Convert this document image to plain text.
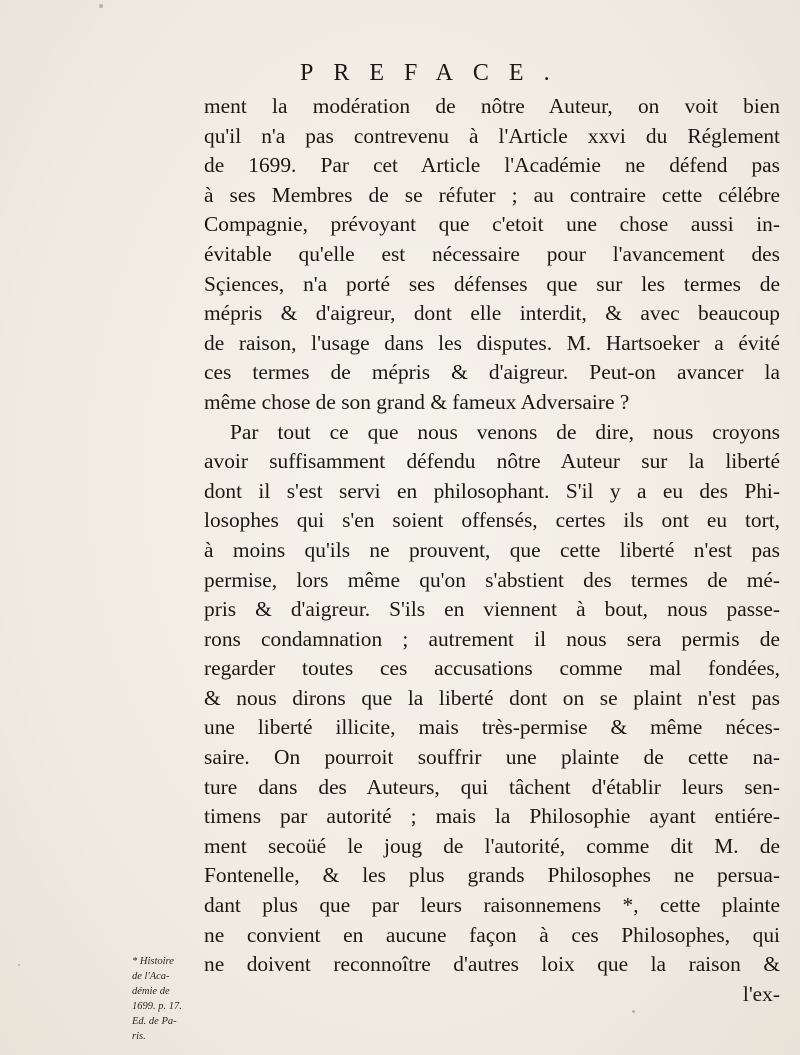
PREFACE.
ment la modération de nôtre Auteur, on voit bien
qu'il n'a pas contrevenu à l'Article xxvi du Réglement
de 1699. Par cet Article l'Académie ne défend pas
à ses Membres de se réfuter ; au contraire cette célébre
Compagnie, prévoyant que c'etoit une chose aussi in-
évitable qu'elle est nécessaire pour l'avancement des
Sçiences, n'a porté ses défenses que sur les termes de
mépris & d'aigreur, dont elle interdit, & avec beaucoup
de raison, l'usage dans les disputes. M. Hartsoeker a évité
ces termes de mépris & d'aigreur. Peut-on avancer la
même chose de son grand & fameux Adversaire ?
Par tout ce que nous venons de dire, nous croyons
avoir suffisamment défendu nôtre Auteur sur la liberté
dont il s'est servi en philosophant. S'il y a eu des Phi-
losophes qui s'en soient offensés, certes ils ont eu tort,
à moins qu'ils ne prouvent, que cette liberté n'est pas
permise, lors même qu'on s'abstient des termes de mé-
pris & d'aigreur. S'ils en viennent à bout, nous passe-
rons condamnation ; autrement il nous sera permis de
regarder toutes ces accusations comme mal fondées,
& nous dirons que la liberté dont on se plaint n'est pas
une liberté illicite, mais très-permise & même néces-
saire. On pourroit souffrir une plainte de cette na-
ture dans des Auteurs, qui tâchent d'établir leurs sen-
timens par autorité ; mais la Philosophie ayant entiére-
ment secoüé le joug de l'autorité, comme dit M. de
Fontenelle, & les plus grands Philosophes ne persua-
dant plus que par leurs raisonnemens *, cette plainte
ne convient en aucune façon à ces Philosophes, qui
ne doivent reconnoître d'autres loix que la raison &
l'ex-
* Histoire
de l'Aca-
démie de
1699. p. 17.
Ed. de Pa-
ris.
